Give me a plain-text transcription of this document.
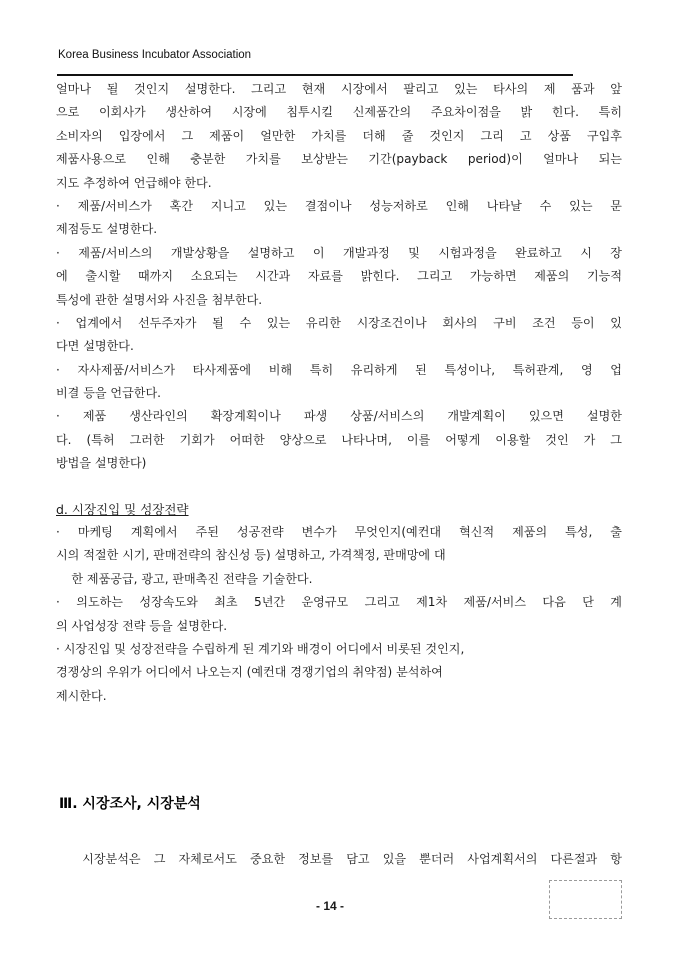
Korea Business Incubator Association
얼마나 될 것인지 설명한다. 그리고 현재 시장에서 팔리고 있는 타사의 제 품과 앞
으로 이회사가 생산하여 시장에 침투시킬 신제품간의 주요차이점을 밝 힌다. 특히
소비자의 입장에서 그 제품이 얼만한 가치를 더해 줄 것인지 그리 고 상품 구입후
제품사용으로 인해 충분한 가치를 보상받는 기간(payback period)이 얼마나 되는
지도 추정하여 언급해야 한다.
· 제품/서비스가 혹간 지니고 있는 결점이나 성능저하로 인해 나타날 수 있는 문
제점등도 설명한다.
· 제품/서비스의 개발상황을 설명하고 이 개발과정 및 시험과정을 완료하고 시 장
에 출시할 때까지 소요되는 시간과 자료를 밝힌다. 그리고 가능하면 제품의 기능적
특성에 관한 설명서와 사진을 첨부한다.
· 업계에서 선두주자가 될 수 있는 유리한 시장조건이나 회사의 구비 조건 등이 있
다면 설명한다.
· 자사제품/서비스가 타사제품에 비해 특히 유리하게 된 특성이나, 특허관계, 영 업
비결 등을 언급한다.
· 제품 생산라인의 확장계획이나 파생 상품/서비스의 개발계획이 있으면 설명한
다. (특허 그러한 기회가 어떠한 양상으로 나타나며, 이를 어떻게 이용할 것인 가 그
방법을 설명한다)
d. 시장진입 및 성장전략
· 마케팅 계획에서 주된 성공전략 변수가 무엇인지(예컨대 혁신적 제품의 특성, 출
시의 적절한 시기, 판매전략의 참신성 등) 설명하고, 가격책정, 판매망에 대
한 제품공급, 광고, 판매촉진 전략을 기술한다.
· 의도하는 성장속도와 최초 5년간 운영규모 그리고 제1차 제품/서비스 다음 단 계
의 사업성장 전략 등을 설명한다.
· 시장진입 및 성장전략을 수립하게 된 계기와 배경이 어디에서 비롯된 것인지,
경쟁상의 우위가 어디에서 나오는지 (예컨대 경쟁기업의 취약점) 분석하여
제시한다.
Ⅲ. 시장조사, 시장분석
시장분석은 그 자체로서도 중요한 정보를 담고 있을 뿐더러 사업계획서의 다른절과 항
- 14 -
